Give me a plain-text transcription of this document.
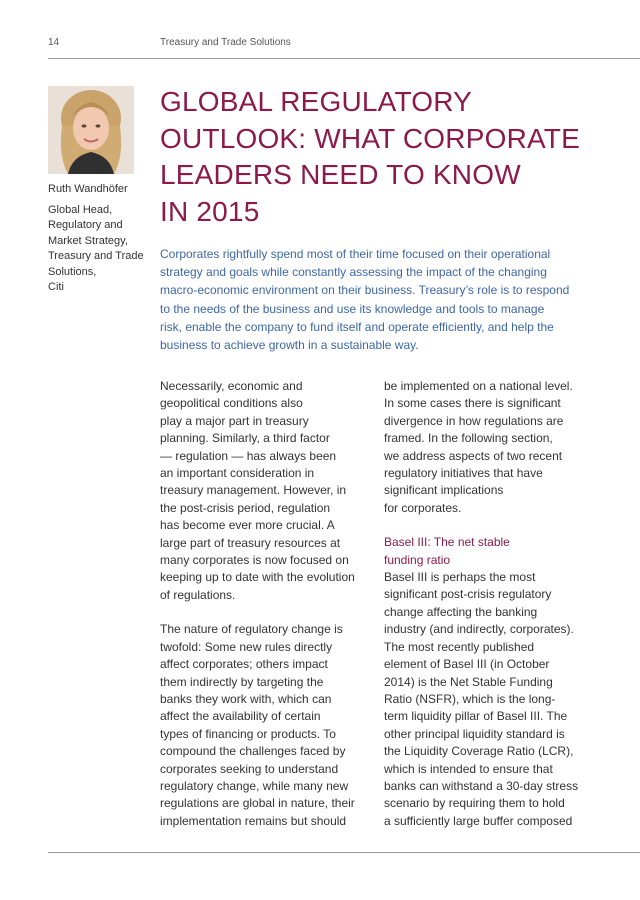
14	Treasury and Trade Solutions
Ruth Wandhöfer
Global Head,
Regulatory and
Market Strategy,
Treasury and Trade
Solutions,
Citi
GLOBAL REGULATORY
OUTLOOK: WHAT CORPORATE
LEADERS NEED TO KNOW
IN 2015
Corporates rightfully spend most of their time focused on their operational
strategy and goals while constantly assessing the impact of the changing
macro-economic environment on their business. Treasury’s role is to respond
to the needs of the business and use its knowledge and tools to manage
risk, enable the company to fund itself and operate efficiently, and help the
business to achieve growth in a sustainable way.
Necessarily, economic and
geopolitical conditions also
play a major part in treasury
planning. Similarly, a third factor
— regulation — has always been
an important consideration in
treasury management. However, in
the post-crisis period, regulation
has become ever more crucial. A
large part of treasury resources at
many corporates is now focused on
keeping up to date with the evolution
of regulations.
The nature of regulatory change is
twofold: Some new rules directly
affect corporates; others impact
them indirectly by targeting the
banks they work with, which can
affect the availability of certain
types of financing or products. To
compound the challenges faced by
corporates seeking to understand
regulatory change, while many new
regulations are global in nature, their
implementation remains but should
be implemented on a national level.
In some cases there is significant
divergence in how regulations are
framed. In the following section,
we address aspects of two recent
regulatory initiatives that have
significant implications
for corporates.
Basel III: The net stable
funding ratio
Basel III is perhaps the most
significant post-crisis regulatory
change affecting the banking
industry (and indirectly, corporates).
The most recently published
element of Basel III (in October
2014) is the Net Stable Funding
Ratio (NSFR), which is the long-
term liquidity pillar of Basel III. The
other principal liquidity standard is
the Liquidity Coverage Ratio (LCR),
which is intended to ensure that
banks can withstand a 30-day stress
scenario by requiring them to hold
a sufficiently large buffer composed
